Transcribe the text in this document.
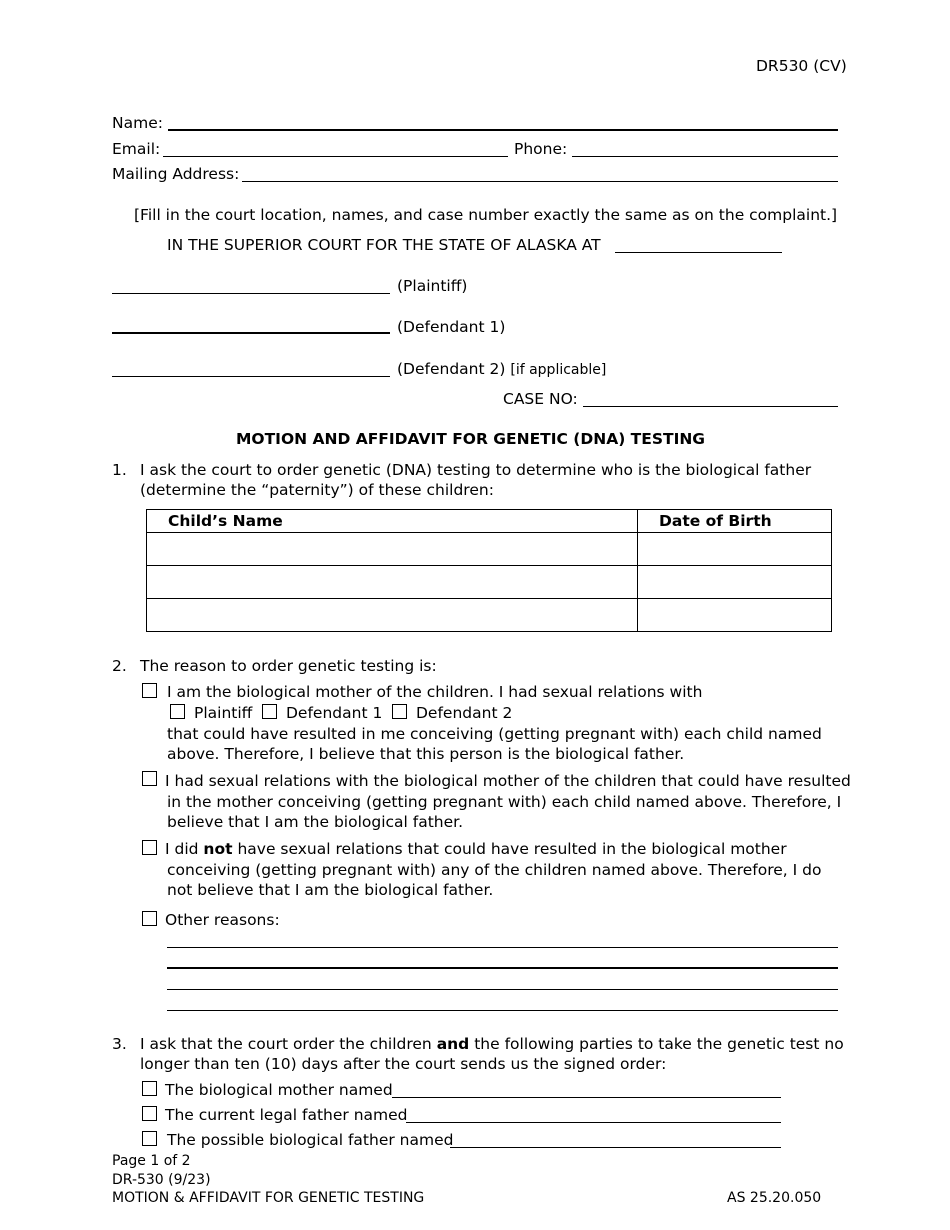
DR530 (CV)
Name:
Email:	Phone:
Mailing Address:
[Fill in the court location, names, and case number exactly the same as on the complaint.]
IN THE SUPERIOR COURT FOR THE STATE OF ALASKA AT
(Plaintiff)
(Defendant 1)
(Defendant 2) [if applicable]
CASE NO:
MOTION AND AFFIDAVIT FOR GENETIC (DNA) TESTING
1. I ask the court to order genetic (DNA) testing to determine who is the biological father
(determine the “paternity”) of these children:
Child’s Name	Date of Birth

2. The reason to order genetic testing is:
I am the biological mother of the children. I had sexual relations with
Plaintiff Defendant 1 Defendant 2
that could have resulted in me conceiving (getting pregnant with) each child named
above. Therefore, I believe that this person is the biological father.
I had sexual relations with the biological mother of the children that could have resulted
in the mother conceiving (getting pregnant with) each child named above. Therefore, I
believe that I am the biological father.
I did not have sexual relations that could have resulted in the biological mother
conceiving (getting pregnant with) any of the children named above. Therefore, I do
not believe that I am the biological father.
Other reasons:
3. I ask that the court order the children and the following parties to take the genetic test no
longer than ten (10) days after the court sends us the signed order:
The biological mother named
The current legal father named
The possible biological father named
Page 1 of 2
DR-530 (9/23)
MOTION & AFFIDAVIT FOR GENETIC TESTING	AS 25.20.050
